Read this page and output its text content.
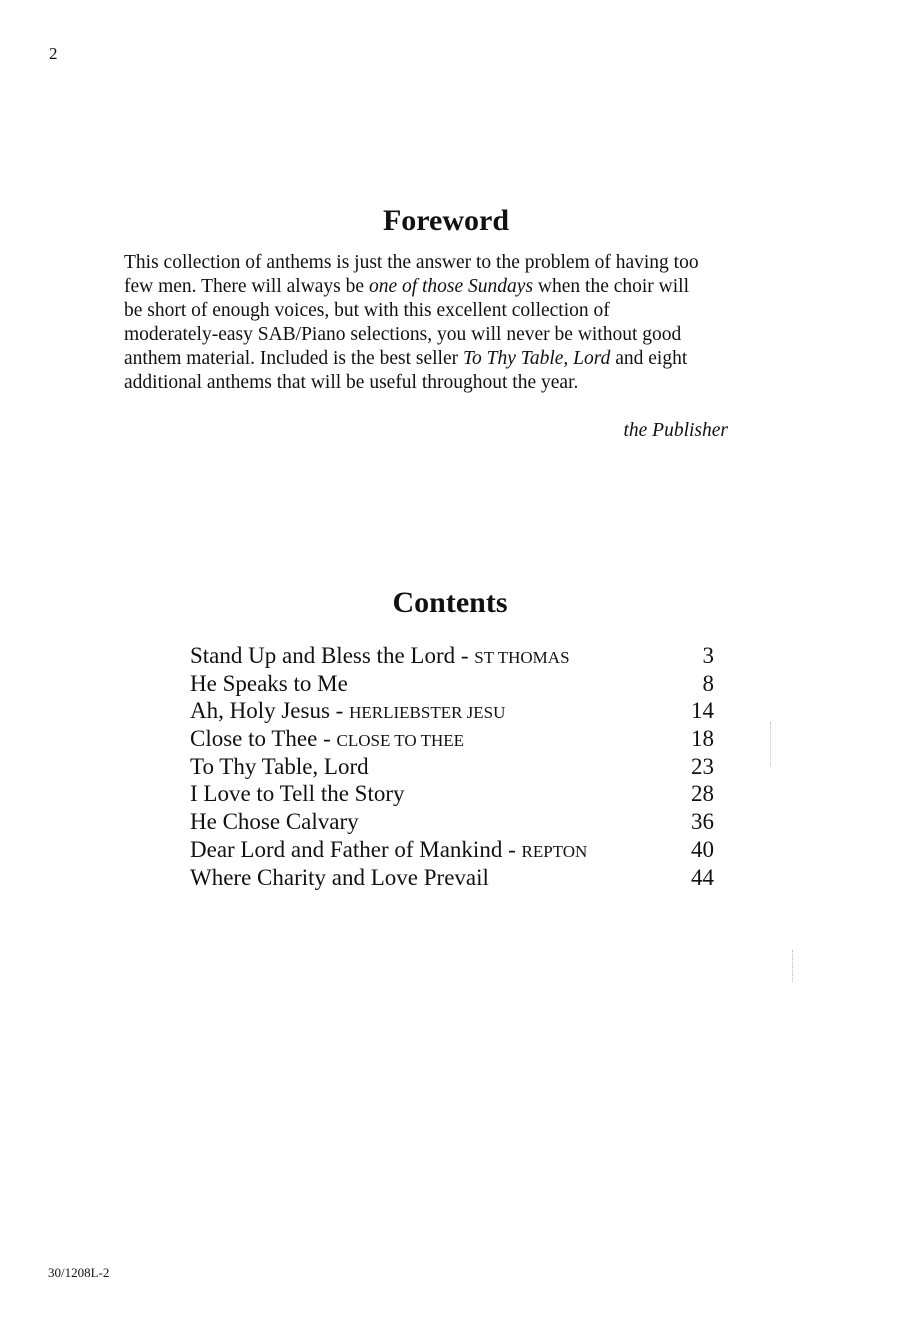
2
Foreword
This collection of anthems is just the answer to the problem of having too
few men. There will always be one of those Sundays when the choir will
be short of enough voices, but with this excellent collection of
moderately-easy SAB/Piano selections, you will never be without good
anthem material. Included is the best seller To Thy Table, Lord and eight
additional anthems that will be useful throughout the year.
the Publisher
Contents
Stand Up and Bless the Lord - ST THOMAS	3
He Speaks to Me	8
Ah, Holy Jesus - HERLIEBSTER JESU	14
Close to Thee - CLOSE TO THEE	18
To Thy Table, Lord	23
I Love to Tell the Story	28
He Chose Calvary	36
Dear Lord and Father of Mankind - REPTON	40
Where Charity and Love Prevail	44
30/1208L-2
